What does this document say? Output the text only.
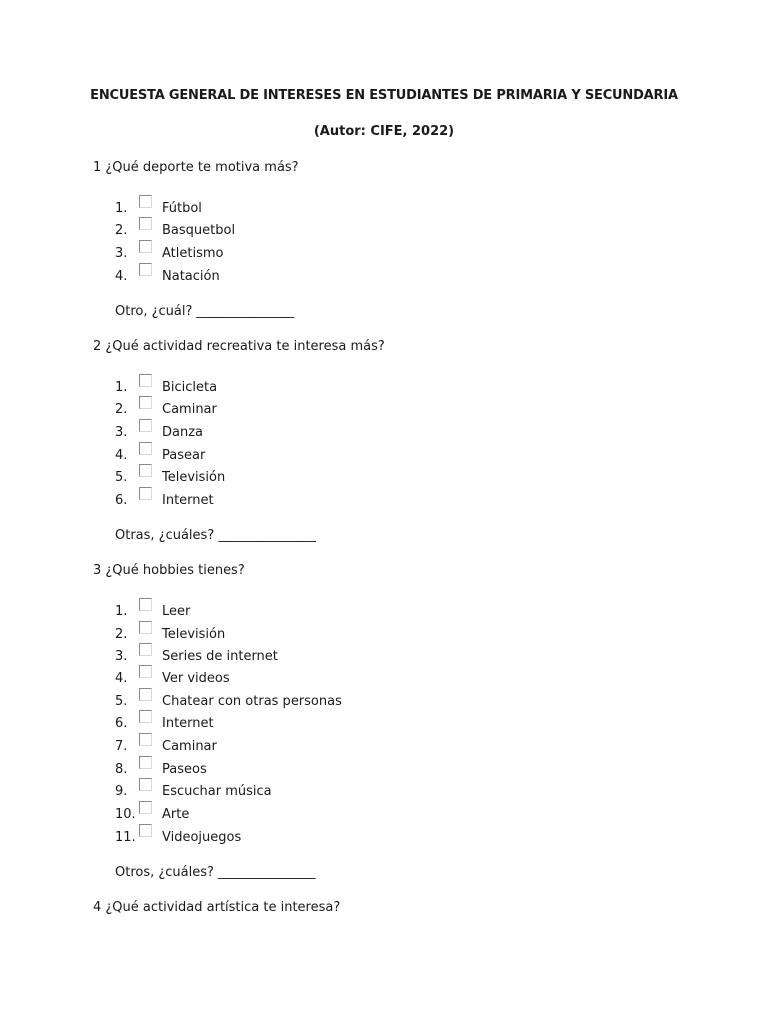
ENCUESTA GENERAL DE INTERESES EN ESTUDIANTES DE PRIMARIA Y SECUNDARIA
(Autor: CIFE, 2022)
1 ¿Qué deporte te motiva más?
1.	Fútbol
2.	Basquetbol
3.	Atletismo
4.	Natación
Otro, ¿cuál? _______________
2 ¿Qué actividad recreativa te interesa más?
1.	Bicicleta
2.	Caminar
3.	Danza
4.	Pasear
5.	Televisión
6.	Internet
Otras, ¿cuáles? _______________
3 ¿Qué hobbies tienes?
1.	Leer
2.	Televisión
3.	Series de internet
4.	Ver videos
5.	Chatear con otras personas
6.	Internet
7.	Caminar
8.	Paseos
9.	Escuchar música
10. Arte
11. Videojuegos
Otros, ¿cuáles? _______________
4 ¿Qué actividad artística te interesa?
